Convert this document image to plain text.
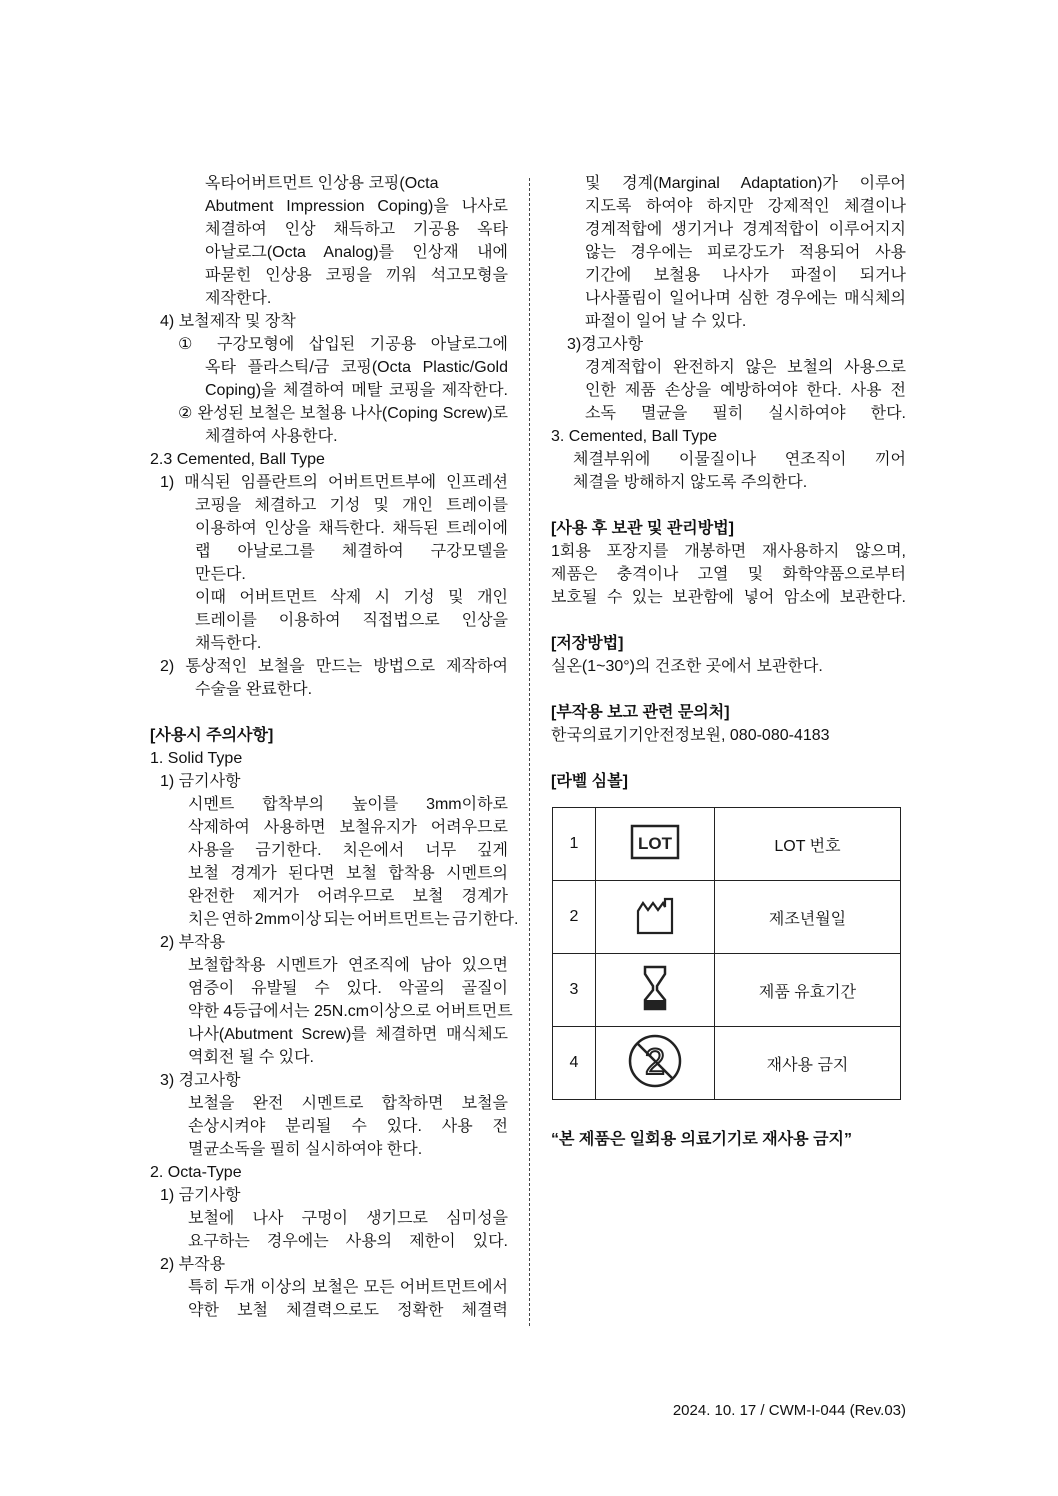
옥타어버트먼트 인상용 코핑(Octa
Abutment Impression Coping)을 나사로
체결하여 인상 채득하고 기공용 옥타
아날로그(Octa Analog)를 인상재 내에
파묻힌 인상용 코핑을 끼워 석고모형을
제작한다.
4) 보철제작 및 장착
① 구강모형에 삽입된 기공용 아날로그에
옥타 플라스틱/금 코핑(Octa Plastic/Gold
Coping)을 체결하여 메탈 코핑을 제작한다.
② 완성된 보철은 보철용 나사(Coping Screw)로
체결하여 사용한다.
2.3 Cemented, Ball Type
1) 매식된 임플란트의 어버트먼트부에 인프레션
코핑을 체결하고 기성 및 개인 트레이를
이용하여 인상을 채득한다. 채득된 트레이에
랩 아날로그를 체결하여 구강모델을
만든다.
이때 어버트먼트 삭제 시 기성 및 개인
트레이를 이용하여 직접법으로 인상을
채득한다.
2) 통상적인 보철을 만드는 방법으로 제작하여
수술을 완료한다.
[사용시 주의사항]
1. Solid Type
1) 금기사항
시멘트 합착부의 높이를 3mm이하로
삭제하여 사용하면 보철유지가 어려우므로
사용을 금기한다. 치은에서 너무 깊게
보철 경계가 된다면 보철 합착용 시멘트의
완전한 제거가 어려우므로 보철 경계가
치은 연하 2mm이상 되는 어버트먼트는 금기한다.
2) 부작용
보철합착용 시멘트가 연조직에 남아 있으면
염증이 유발될 수 있다. 악골의 골질이
약한 4등급에서는 25N.cm이상으로 어버트먼트
나사(Abutment Screw)를 체결하면 매식체도
역회전 될 수 있다.
3) 경고사항
보철을 완전 시멘트로 합착하면 보철을
손상시켜야 분리될 수 있다. 사용 전
멸균소독을 필히 실시하여야 한다.
2. Octa-Type
1) 금기사항
보철에 나사 구멍이 생기므로 심미성을
요구하는 경우에는 사용의 제한이 있다.
2) 부작용
특히 두개 이상의 보철은 모든 어버트먼트에서
약한 보철 체결력으로도 정확한 체결력
및 경계(Marginal Adaptation)가 이루어
지도록 하여야 하지만 강제적인 체결이나
경계적합에 생기거나 경계적합이 이루어지지
않는 경우에는 피로강도가 적용되어 사용
기간에 보철용 나사가 파절이 되거나
나사풀림이 일어나며 심한 경우에는 매식체의
파절이 일어 날 수 있다.
3)경고사항
경계적합이 완전하지 않은 보철의 사용으로
인한 제품 손상을 예방하여야 한다. 사용 전
소독 멸균을 필히 실시하여야 한다.
3. Cemented, Ball Type
체결부위에 이물질이나 연조직이 끼어
체결을 방해하지 않도록 주의한다.
[사용 후 보관 및 관리방법]
1회용 포장지를 개봉하면 재사용하지 않으며,
제품은 충격이나 고열 및 화학약품으로부터
보호될 수 있는 보관함에 넣어 암소에 보관한다.
[저장방법]
실온(1~30°)의 건조한 곳에서 보관한다.
[부작용 보고 관련 문의처]
한국의료기기안전정보원, 080-080-4183
[라벨 심볼]
1	LOT	LOT 번호
2		제조년월일
3		제품 유효기간
4	2	재사용 금지
“본 제품은 일회용 의료기기로 재사용 금지”
2024. 10. 17 / CWM-I-044 (Rev.03)
